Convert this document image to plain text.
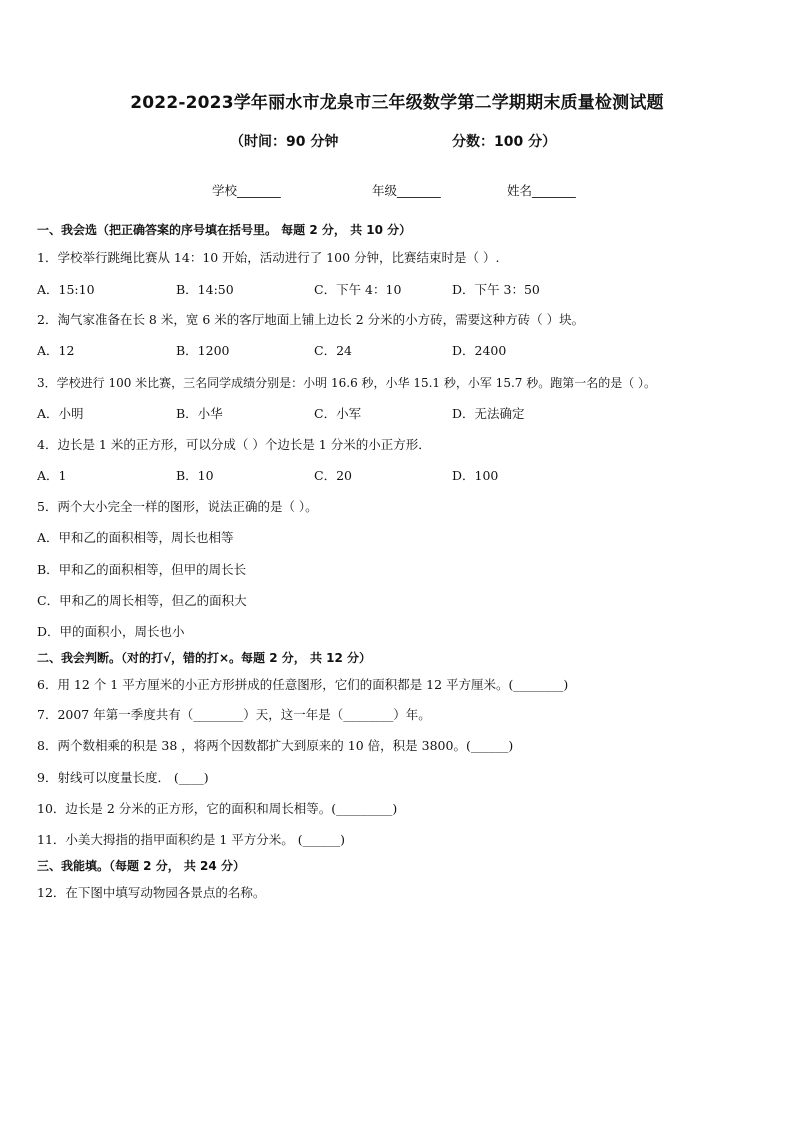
2022-2023学年丽水市龙泉市三年级数学第二学期期末质量检测试题
（时间：90 分钟	分数：100 分）
学校_______	年级_______	姓名_______
一、我会选（把正确答案的序号填在括号里。 每题 2 分， 共 10 分）
1．学校举行跳绳比赛从 14：10 开始，活动进行了 100 分钟，比赛结束时是（ ）.
A．15:10	B．14:50	C．下午 4：10	D．下午 3：50
2．淘气家准备在长 8 米，宽 6 米的客厅地面上铺上边长 2 分米的小方砖，需要这种方砖（ ）块。
A．12	B．1200	C．24	D．2400
3．学校进行 100 米比赛，三名同学成绩分别是：小明 16.6 秒，小华 15.1 秒，小军 15.7 秒。跑第一名的是（ ）。
A．小明	B．小华	C．小军	D．无法确定
4．边长是 1 米的正方形，可以分成（ ）个边长是 1 分米的小正方形．
A．1	B．10	C．20	D．100
5．两个大小完全一样的图形，说法正确的是（ ）。
A．甲和乙的面积相等，周长也相等
B．甲和乙的面积相等，但甲的周长长
C．甲和乙的周长相等，但乙的面积大
D．甲的面积小，周长也小
二、我会判断。（对的打√，错的打×。每题 2 分， 共 12 分）
6．用 12 个 1 平方厘米的小正方形拼成的任意图形，它们的面积都是 12 平方厘米。(________)
7．2007 年第一季度共有（________）天，这一年是（________）年。
8．两个数相乘的积是 38 ，将两个因数都扩大到原来的 10 倍，积是 3800。(______)
9．射线可以度量长度． (____)
10．边长是 2 分米的正方形，它的面积和周长相等。(_________)
11．小美大拇指的指甲面积约是 1 平方分米。 (______)
三、我能填。（每题 2 分， 共 24 分）
12．在下图中填写动物园各景点的名称。
